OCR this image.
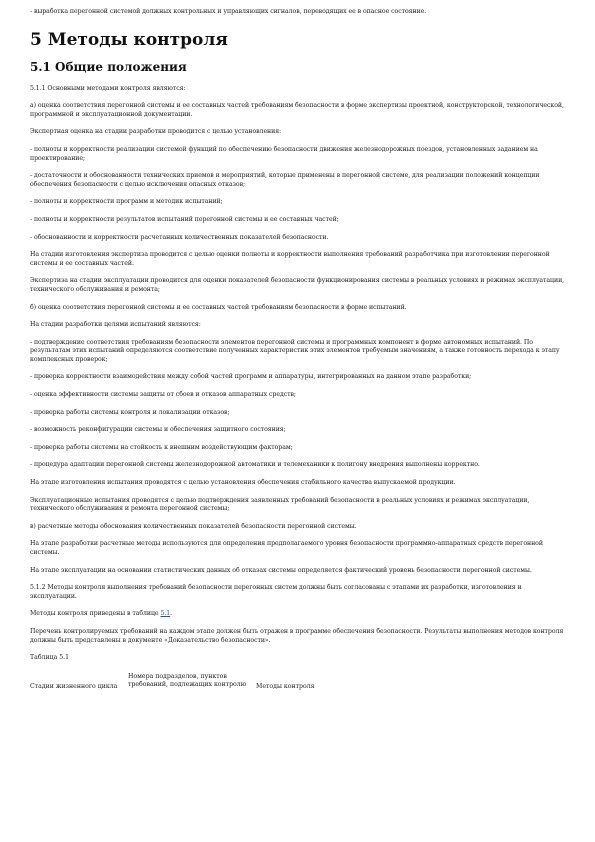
- выработка перегонной системой должных контрольных и управляющих сигналов, переводящих ее в опасное состояние.

5 Методы контроля
5.1 Общие положения

5.1.1 Основными методами контроля являются:

а) оценка соответствия перегонной системы и ее составных частей требованиям безопасности в форме экспертизы проектной, конструкторской, технологической, программной и эксплуатационной документации.

Экспертная оценка на стадии разработки проводится с целью установления:

- полноты и корректности реализации системой функций по обеспечению безопасности движения железнодорожных поездов, установленных заданием на проектирование;

- достаточности и обоснованности технических приемов и мероприятий, которые применены в перегонной системе, для реализации положений концепции обеспечения безопасности с целью исключения опасных отказов;

- полноты и корректности программ и методик испытаний;

- полноты и корректности результатов испытаний перегонной системы и ее составных частей;

- обоснованности и корректности расчетанных количественных показателей безопасности.

На стадии изготовления экспертиза проводится с целью оценки полноты и корректности выполнения требований разработчика при изготовлении перегонной системы и ее составных частей.

Экспертиза на стадии эксплуатации проводится для оценки показателей безопасности функционирования системы в реальных условиях и режимах эксплуатации, технического обслуживания и ремонта;

б) оценка соответствия перегонной системы и ее составных частей требованиям безопасности в форме испытаний.

На стадии разработки целями испытаний являются:

- подтверждение соответствия требованиям безопасности элементов перегонной системы и программных компонент в форме автономных испытаний. По результатам этих испытаний определяются соответствие полученных характеристик этих элементов требуемым значениям, а также готовность перехода к этапу комплексных проверок;

- проверка корректности взаимодействия между собой частей программ и аппаратуры, интегрированных на данном этапе разработки;

- оценка эффективности системы защиты от сбоев и отказов аппаратных средств;

- проверка работы системы контроля и локализации отказов;

- возможность реконфигурации системы и обеспечения защитного состояния;

- проверка работы системы на стойкость к внешним воздействующим факторам;

- процедура адаптации перегонной системы железнодорожной автоматики и телемеханики к полигону внедрения выполнены корректно.

На этапе изготовления испытания проводятся с целью установления обеспечения стабильного качества выпускаемой продукции.

Эксплуатационные испытания проводятся с целью подтверждения заявленных требований безопасности в реальных условиях и режимах эксплуатации, технического обслуживания и ремонта перегонной системы;

в) расчетные методы обоснования количественных показателей безопасности перегонной системы.

На этапе разработки расчетные методы используются для определения предполагаемого уровня безопасности программно-аппаратных средств перегонной системы.

На этапе эксплуатации на основании статистических данных об отказах системы определяется фактический уровень безопасности перегонной системы.

5.1.2 Методы контроля выполнения требований безопасности перегонных систем должны быть согласованы с этапами их разработки, изготовления и эксплуатации.

Методы контроля приведены в таблице 5.1.

Перечень контролируемых требований на каждом этапе должен быть отражен в программе обеспечения безопасности. Результаты выполнения методов контроля должны быть представлены в документе «Доказательство безопасности».

Таблица 5.1
Стадии жизненного цикла	Номера подразделов, пунктов требований, подлежащих контролю	Методы контроля
